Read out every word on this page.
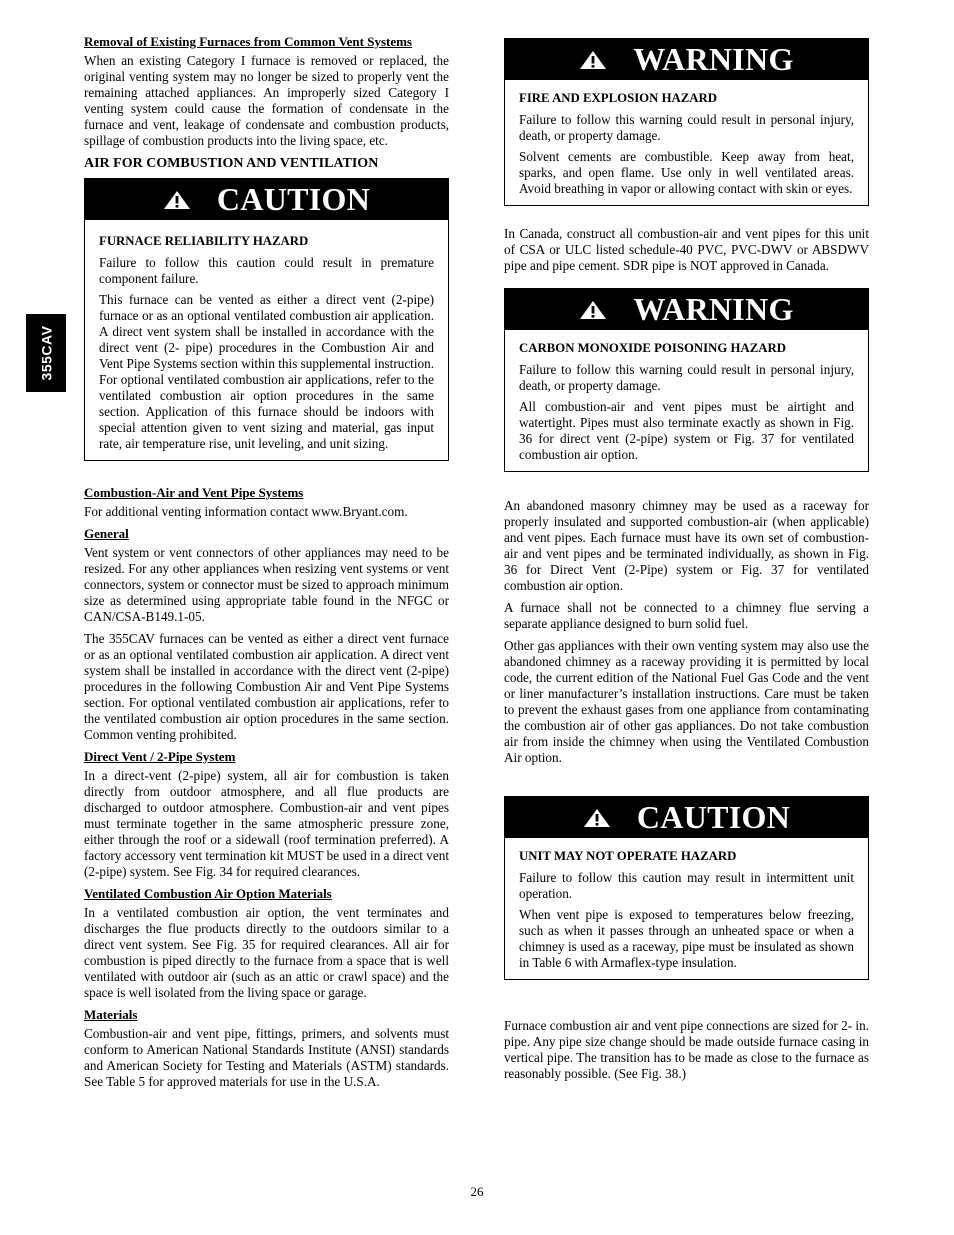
355CAV
Removal of Existing Furnaces from Common Vent Systems

When an existing Category I furnace is removed or replaced, the original venting system may no longer be sized to properly vent the remaining attached appliances. An improperly sized Category I venting system could cause the formation of condensate in the furnace and vent, leakage of condensate and combustion products, spillage of combustion products into the living space, etc.

AIR FOR COMBUSTION AND VENTILATION
CAUTION

FURNACE RELIABILITY HAZARD

Failure to follow this caution could result in premature component failure.

This furnace can be vented as either a direct vent (2-pipe) furnace or as an optional ventilated combustion air application. A direct vent system shall be installed in accordance with the direct vent (2- pipe) procedures in the Combustion Air and Vent Pipe Systems section within this supplemental instruction. For optional ventilated combustion air applications, refer to the ventilated combustion air option procedures in the same section. Application of this furnace should be indoors with special attention given to vent sizing and material, gas input rate, air temperature rise, unit leveling, and unit sizing.

Combustion-Air and Vent Pipe Systems

For additional venting information contact www.Bryant.com.

General

Vent system or vent connectors of other appliances may need to be resized. For any other appliances when resizing vent systems or vent connectors, system or connector must be sized to approach minimum size as determined using appropriate table found in the NFGC or CAN/CSA-B149.1-05.

The 355CAV furnaces can be vented as either a direct vent furnace or as an optional ventilated combustion air application. A direct vent system shall be installed in accordance with the direct vent (2-pipe) procedures in the following Combustion Air and Vent Pipe Systems section. For optional ventilated combustion air applications, refer to the ventilated combustion air option procedures in the same section. Common venting prohibited.

Direct Vent / 2-Pipe System

In a direct-vent (2-pipe) system, all air for combustion is taken directly from outdoor atmosphere, and all flue products are discharged to outdoor atmosphere. Combustion-air and vent pipes must terminate together in the same atmospheric pressure zone, either through the roof or a sidewall (roof termination preferred). A factory accessory vent termination kit MUST be used in a direct vent (2-pipe) system. See Fig. 34 for required clearances.

Ventilated Combustion Air Option Materials

In a ventilated combustion air option, the vent terminates and discharges the flue products directly to the outdoors similar to a direct vent system. See Fig. 35 for required clearances. All air for combustion is piped directly to the furnace from a space that is well ventilated with outdoor air (such as an attic or crawl space) and the space is well isolated from the living space or garage.

Materials

Combustion-air and vent pipe, fittings, primers, and solvents must conform to American National Standards Institute (ANSI) standards and American Society for Testing and Materials (ASTM) standards. See Table 5 for approved materials for use in the U.S.A.

WARNING

FIRE AND EXPLOSION HAZARD

Failure to follow this warning could result in personal injury, death, or property damage.

Solvent cements are combustible. Keep away from heat, sparks, and open flame. Use only in well ventilated areas. Avoid breathing in vapor or allowing contact with skin or eyes.

In Canada, construct all combustion-air and vent pipes for this unit of CSA or ULC listed schedule-40 PVC, PVC-DWV or ABSDWV pipe and pipe cement. SDR pipe is NOT approved in Canada.

WARNING

CARBON MONOXIDE POISONING HAZARD

Failure to follow this warning could result in personal injury, death, or property damage.

All combustion-air and vent pipes must be airtight and watertight. Pipes must also terminate exactly as shown in Fig. 36 for direct vent (2-pipe) system or Fig. 37 for ventilated combustion air option.

An abandoned masonry chimney may be used as a raceway for properly insulated and supported combustion-air (when applicable) and vent pipes. Each furnace must have its own set of combustion-air and vent pipes and be terminated individually, as shown in Fig. 36 for Direct Vent (2-Pipe) system or Fig. 37 for ventilated combustion air option.

A furnace shall not be connected to a chimney flue serving a separate appliance designed to burn solid fuel.

Other gas appliances with their own venting system may also use the abandoned chimney as a raceway providing it is permitted by local code, the current edition of the National Fuel Gas Code and the vent or liner manufacturer’s installation instructions. Care must be taken to prevent the exhaust gases from one appliance from contaminating the combustion air of other gas appliances. Do not take combustion air from inside the chimney when using the Ventilated Combustion Air option.

CAUTION

UNIT MAY NOT OPERATE HAZARD

Failure to follow this caution may result in intermittent unit operation.

When vent pipe is exposed to temperatures below freezing, such as when it passes through an unheated space or when a chimney is used as a raceway, pipe must be insulated as shown in Table 6 with Armaflex-type insulation.

Furnace combustion air and vent pipe connections are sized for 2- in. pipe. Any pipe size change should be made outside furnace casing in vertical pipe. The transition has to be made as close to the furnace as reasonably possible. (See Fig. 38.)

26
